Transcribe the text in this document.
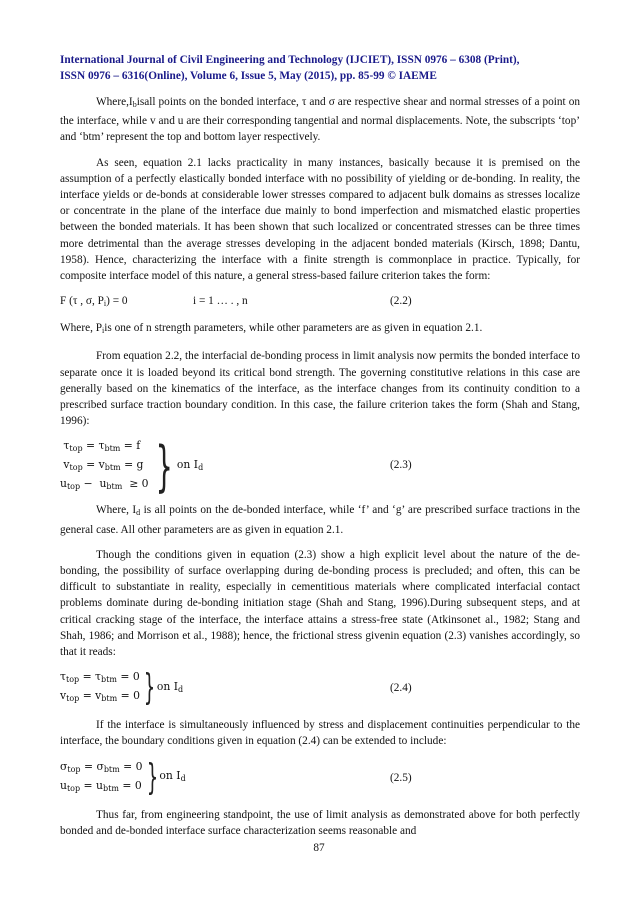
International Journal of Civil Engineering and Technology (IJCIET), ISSN 0976 – 6308 (Print),
ISSN 0976 – 6316(Online), Volume 6, Issue 5, May (2015), pp. 85-99 © IAEME

$Where,I_bisall$ points on the bonded interface, τ and σ are respective shear and normal stresses of a point on the interface, while v and u are their corresponding tangential and normal displacements. Note, the subscripts ‘top’ and ‘btm’ represent the top and bottom layer respectively.

As seen, equation 2.1 lacks practicality in many instances, basically because it is premised on the assumption of a perfectly elastically bonded interface with no possibility of yielding or de-bonding. In reality, the interface yields or de-bonds at considerable lower stresses compared to adjacent bulk domains as stresses localize or concentrate in the plane of the interface due mainly to bond imperfection and mismatched elastic properties between the bonded materials. It has been shown that such localized or concentrated stresses can be three times more detrimental than the average stresses developing in the adjacent bonded materials (Kirsch, 1898; Dantu, 1958). Hence, characterizing the interface with a finite strength is commonplace in practice. Typically, for composite interface model of this nature, a general stress-based failure criterion takes the form:

F (τ , σ, $P_i) = 0$	i = 1 … . , n	(2.2)

Where, $P_iis$ one of n strength parameters, while other parameters are as given in equation 2.1.

From equation 2.2, the interfacial de-bonding process in limit analysis now permits the bonded interface to separate once it is loaded beyond its critical bond strength. The governing constitutive relations in this case are generally based on the kinematics of the interface, as the interface changes from its continuity condition to a prescribed surface traction boundary condition. In this case, the failure criterion takes the form (Shah and Stang, 1996):

$\tau_{top} = \tau_{btm} = f$
$v_{top} = v_{btm} = g$
$u_{top} - u_{btm} \ge 0$ } on $I_d$	(2.3)

Where, $I_d$ is all points on the de-bonded interface, while ‘f’ and ‘g’ are prescribed surface tractions in the general case. All other parameters are as given in equation 2.1.

Though the conditions given in equation (2.3) show a high explicit level about the nature of the de-bonding, the possibility of surface overlapping during de-bonding process is precluded; and often, this can be difficult to substantiate in reality, especially in cementitious materials where complicated interfacial contact problems dominate during de-bonding initiation stage (Shah and Stang, 1996).During subsequent steps, and at critical cracking stage of the interface, the interface attains a stress-free state (Atkinsonet al., 1982; Stang and Shah, 1986; and Morrison et al., 1988); hence, the frictional stress givenin equation (2.3) vanishes accordingly, so that it reads:

$\tau_{top} = \tau_{btm} = 0$
$v_{top} = v_{btm} = 0$ } on $I_d$	(2.4)

If the interface is simultaneously influenced by stress and displacement continuities perpendicular to the interface, the boundary conditions given in equation (2.4) can be extended to include:

$\sigma_{top} = \sigma_{btm} = 0$
$u_{top} = u_{btm} = 0$ } on $I_d$	(2.5)

Thus far, from engineering standpoint, the use of limit analysis as demonstrated above for both perfectly bonded and de-bonded interface surface characterization seems reasonable and

87
